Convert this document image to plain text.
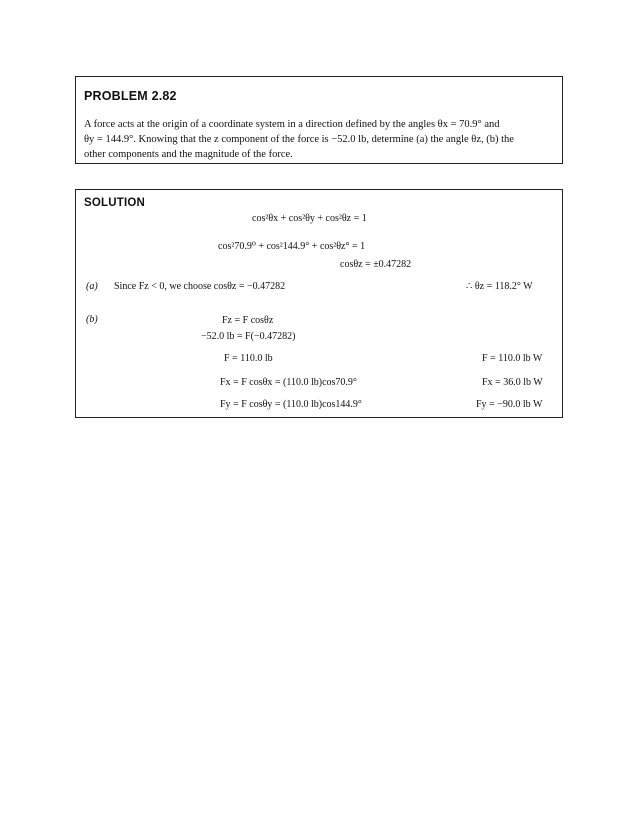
PROBLEM 2.82
A force acts at the origin of a coordinate system in a direction defined by the angles θx = 70.9° and
θy = 144.9°. Knowing that the z component of the force is −52.0 lb, determine (a) the angle θz, (b) the
other components and the magnitude of the force.
SOLUTION
cos²θx + cos²θy + cos²θz = 1
cos²70.9⁰ + cos²144.9° + cos²θz° = 1
cosθz = ±0.47282
(a) Since Fz < 0, we choose cosθz = −0.47282	∴ θz = 118.2° W
(b)	Fz = F cosθz
−52.0 lb = F(−0.47282)
F = 110.0 lb	F = 110.0 lb W
Fx = F cosθx = (110.0 lb)cos70.9°	Fx = 36.0 lb W
Fy = F cosθy = (110.0 lb)cos144.9°	Fy = −90.0 lb W
